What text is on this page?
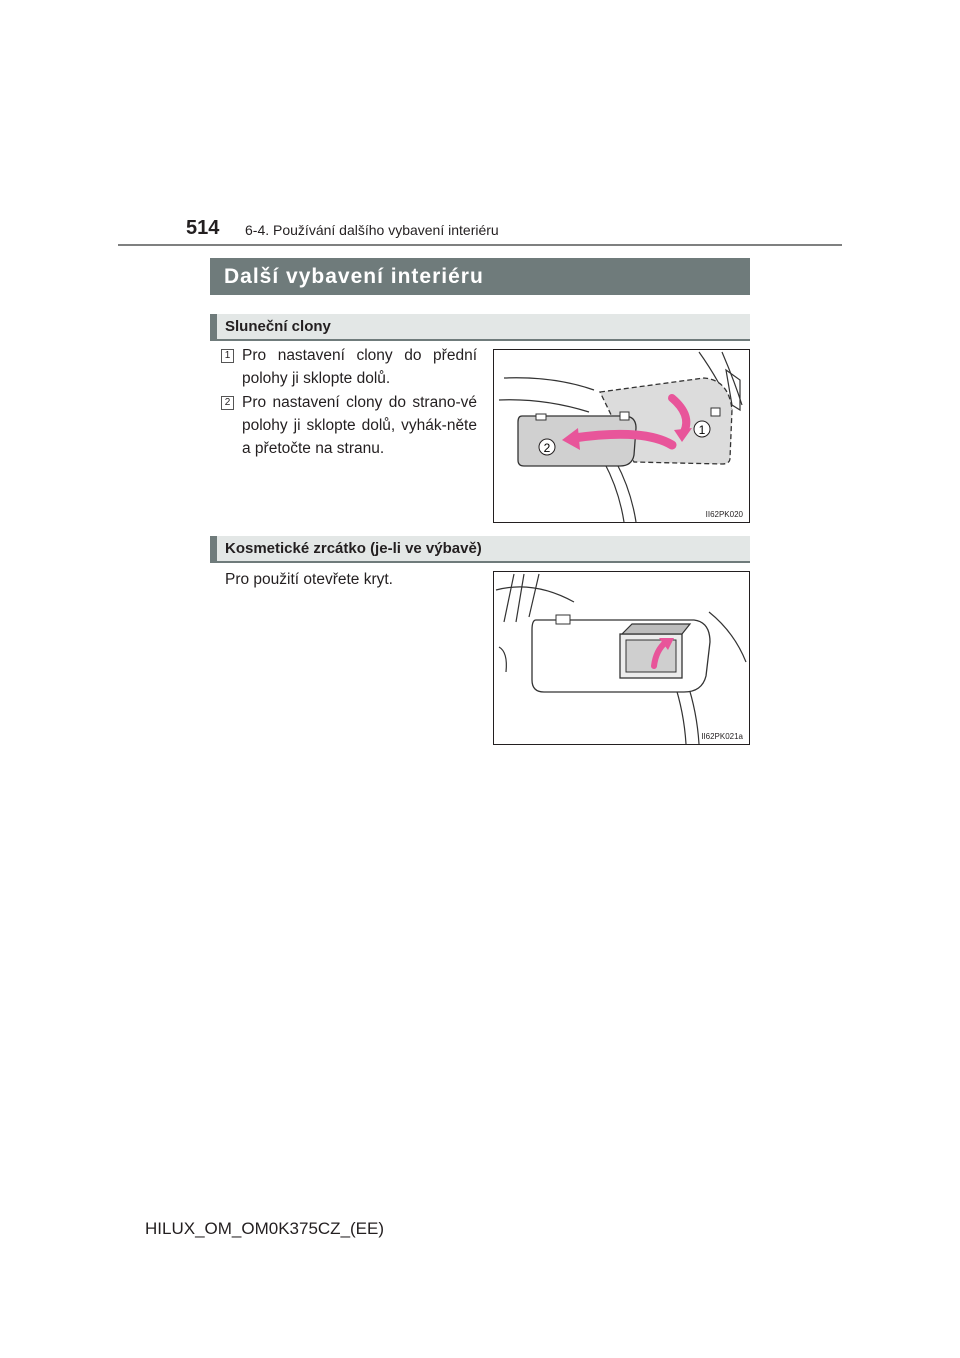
514 6-4. Používání dalšího vybavení interiéru
Další vybavení interiéru
Sluneční clony
1 Pro nastavení clony do přední polohy ji sklopte dolů.
2 Pro nastavení clony do strano-vé polohy ji sklopte dolů, vyhák-něte a přetočte na stranu.
1
2
II62PK020
Kosmetické zrcátko (je-li ve výbavě)
Pro použití otevřete kryt.
II62PK021a
HILUX_OM_OM0K375CZ_(EE)
